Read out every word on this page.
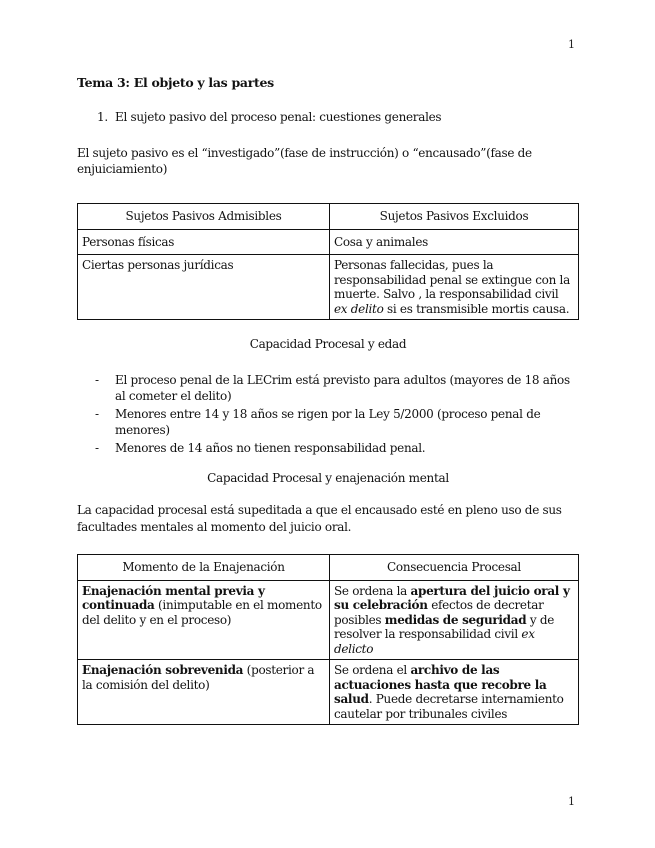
1

Tema 3: El objeto y las partes

1. El sujeto pasivo del proceso penal: cuestiones generales

El sujeto pasivo es el “investigado”(fase de instrucción) o “encausado”(fase de enjuiciamiento)

Sujetos Pasivos Admisibles	Sujetos Pasivos Excluidos
Personas físicas	Cosa y animales
Ciertas personas jurídicas	Personas fallecidas, pues la responsabilidad penal se extingue con la muerte. Salvo , la responsabilidad civil ex delito si es transmisible mortis causa.

Capacidad Procesal y edad

-	El proceso penal de la LECrim está previsto para adultos (mayores de 18 años al cometer el delito)
-	Menores entre 14 y 18 años se rigen por la Ley 5/2000 (proceso penal de menores)
-	Menores de 14 años no tienen responsabilidad penal.

Capacidad Procesal y enajenación mental

La capacidad procesal está supeditada a que el encausado esté en pleno uso de sus facultades mentales al momento del juicio oral.

Momento de la Enajenación	Consecuencia Procesal
Enajenación mental previa y continuada (inimputable en el momento del delito y en el proceso)	Se ordena la apertura del juicio oral y su celebración efectos de decretar posibles medidas de seguridad y de resolver la responsabilidad civil ex delicto
Enajenación sobrevenida (posterior a la comisión del delito)	Se ordena el archivo de las actuaciones hasta que recobre la salud. Puede decretarse internamiento cautelar por tribunales civiles
1
